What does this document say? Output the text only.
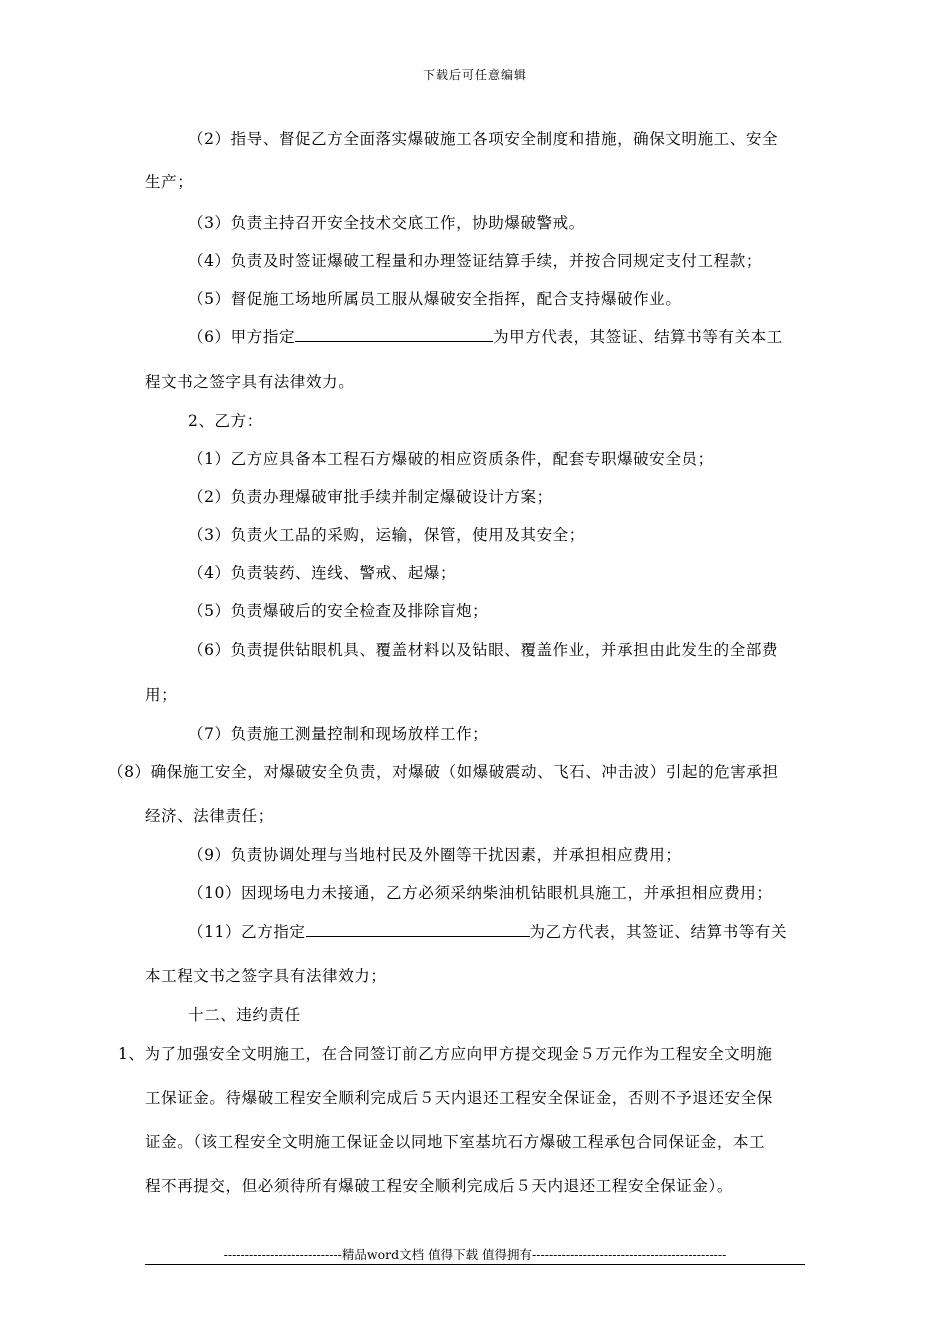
下载后可任意编辑
（2）指导、督促乙方全面落实爆破施工各项安全制度和措施，确保文明施工、安全
生产；
（3）负责主持召开安全技术交底工作，协助爆破警戒。
（4）负责及时签证爆破工程量和办理签证结算手续，并按合同规定支付工程款；
（5）督促施工场地所属员工服从爆破安全指挥，配合支持爆破作业。
（6）甲方指定	为甲方代表，其签证、结算书等有关本工
程文书之签字具有法律效力。
2、乙方：
（1）乙方应具备本工程石方爆破的相应资质条件，配套专职爆破安全员；
（2）负责办理爆破审批手续并制定爆破设计方案；
（3）负责火工品的采购，运输，保管，使用及其安全；
（4）负责装药、连线、警戒、起爆；
（5）负责爆破后的安全检查及排除盲炮；
（6）负责提供钻眼机具、覆盖材料以及钻眼、覆盖作业，并承担由此发生的全部费
用；
（7）负责施工测量控制和现场放样工作；
（8）确保施工安全，对爆破安全负责，对爆破（如爆破震动、飞石、冲击波）引起的危害承担
经济、法律责任；
（9）负责协调处理与当地村民及外圈等干扰因素，并承担相应费用；
（10）因现场电力未接通，乙方必须采纳柴油机钻眼机具施工，并承担相应费用；
（11）乙方指定	为乙方代表，其签证、结算书等有关
本工程文书之签字具有法律效力；
十二、违约责任
1、为了加强安全文明施工，在合同签订前乙方应向甲方提交现金５万元作为工程安全文明施
工保证金。待爆破工程安全顺利完成后５天内退还工程安全保证金，否则不予退还安全保
证金。（该工程安全文明施工保证金以同地下室基坑石方爆破工程承包合同保证金，本工
程不再提交，但必须待所有爆破工程安全顺利完成后５天内退还工程安全保证金）。
----------------------------精品word文档 值得下载 值得拥有----------------------------------------------
